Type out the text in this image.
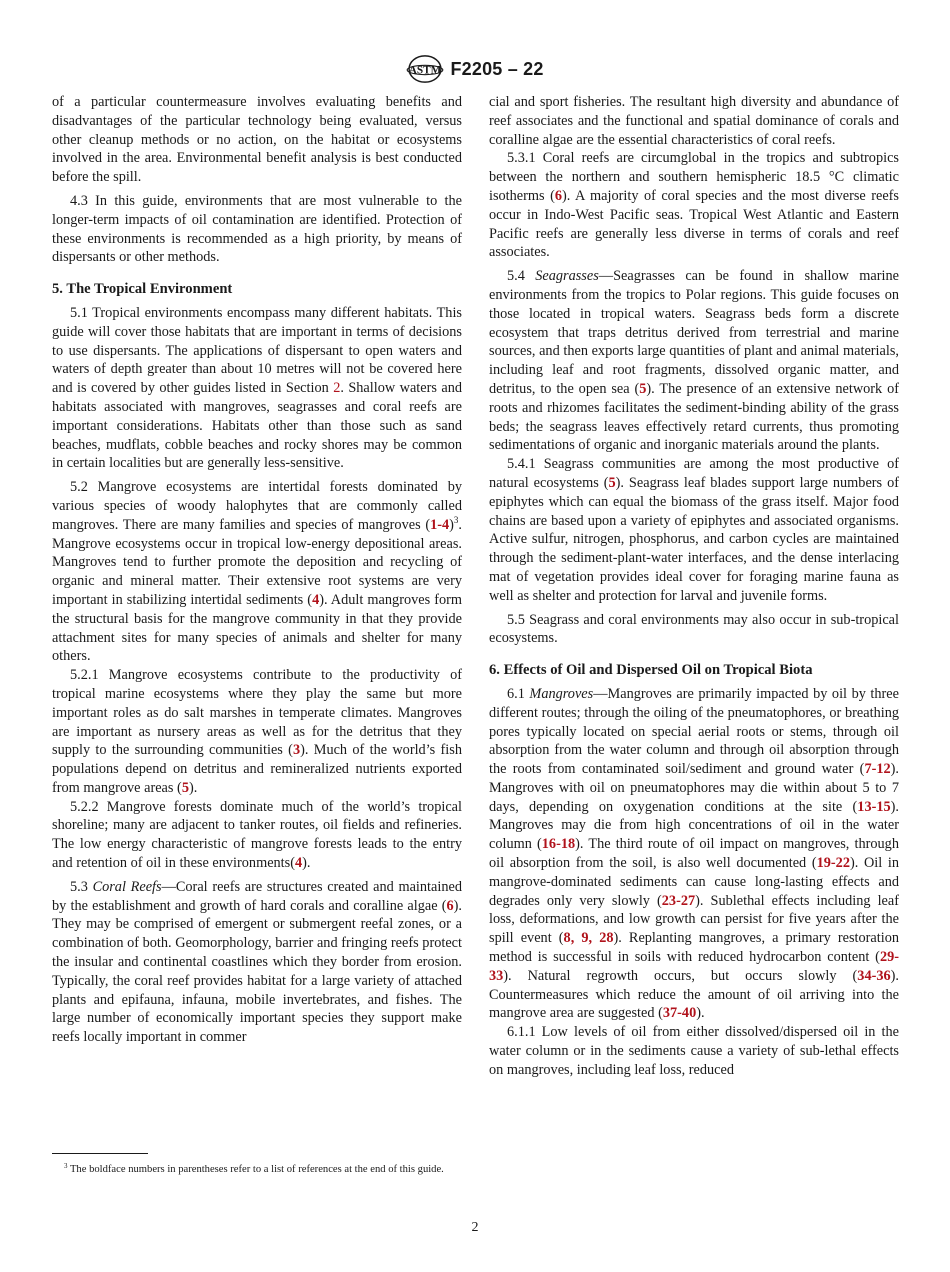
ASTM F2205 – 22

of a particular countermeasure involves evaluating benefits and disadvantages of the particular technology being evaluated, versus other cleanup methods or no action, on the habitat or ecosystems involved in the area. Environmental benefit analysis is best conducted before the spill.

4.3 In this guide, environments that are most vulnerable to the longer-term impacts of oil contamination are identified. Protection of these environments is recommended as a high priority, by means of dispersants or other methods.

5. The Tropical Environment

5.1 Tropical environments encompass many different habitats. This guide will cover those habitats that are important in terms of decisions to use dispersants. The applications of dispersant to open waters and waters of depth greater than about 10 metres will not be covered here and is covered by other guides listed in Section 2. Shallow waters and habitats associated with mangroves, seagrasses and coral reefs are important considerations. Habitats other than those such as sand beaches, mudflats, cobble beaches and rocky shores may be common in certain localities but are generally less-sensitive.

5.2 Mangrove ecosystems are intertidal forests dominated by various species of woody halophytes that are commonly called mangroves. There are many families and species of mangroves $(1-4)^3$. Mangrove ecosystems occur in tropical low-energy depositional areas. Mangroves tend to further promote the deposition and recycling of organic and mineral matter. Their extensive root systems are very important in stabilizing intertidal sediments (4). Adult mangroves form the structural basis for the mangrove community in that they provide attachment sites for many species of animals and shelter for many others.

5.2.1 Mangrove ecosystems contribute to the productivity of tropical marine ecosystems where they play the same but more important roles as do salt marshes in temperate climates. Mangroves are important as nursery areas as well as for the detritus that they supply to the surrounding communities (3). Much of the world’s fish populations depend on detritus and remineralized nutrients exported from mangrove areas (5).

5.2.2 Mangrove forests dominate much of the world’s tropical shoreline; many are adjacent to tanker routes, oil fields and refineries. The low energy characteristic of mangrove forests leads to the entry and retention of oil in these environments(4).

5.3 Coral Reefs—Coral reefs are structures created and maintained by the establishment and growth of hard corals and coralline algae (6). They may be comprised of emergent or submergent reefal zones, or a combination of both. Geomorphology, barrier and fringing reefs protect the insular and continental coastlines which they border from erosion. Typically, the coral reef provides habitat for a large variety of attached plants and epifauna, infauna, mobile invertebrates, and fishes. The large number of economically important species they support make reefs locally important in commer

$^3$ The boldface numbers in parentheses refer to a list of references at the end of this guide.

cial and sport fisheries. The resultant high diversity and abundance of reef associates and the functional and spatial dominance of corals and coralline algae are the essential characteristics of coral reefs.

5.3.1 Coral reefs are circumglobal in the tropics and subtropics between the northern and southern hemispheric 18.5 °C climatic isotherms (6). A majority of coral species and the most diverse reefs occur in Indo-West Pacific seas. Tropical West Atlantic and Eastern Pacific reefs are generally less diverse in terms of corals and reef associates.

5.4 Seagrasses—Seagrasses can be found in shallow marine environments from the tropics to Polar regions. This guide focuses on those located in tropical waters. Seagrass beds form a discrete ecosystem that traps detritus derived from terrestrial and marine sources, and then exports large quantities of plant and animal materials, including leaf and root fragments, dissolved organic matter, and detritus, to the open sea (5). The presence of an extensive network of roots and rhizomes facilitates the sediment-binding ability of the grass beds; the seagrass leaves effectively retard currents, thus promoting sedimentations of organic and inorganic materials around the plants.

5.4.1 Seagrass communities are among the most productive of natural ecosystems (5). Seagrass leaf blades support large numbers of epiphytes which can equal the biomass of the grass itself. Major food chains are based upon a variety of epiphytes and associated organisms. Active sulfur, nitrogen, phosphorus, and carbon cycles are maintained through the sediment-plant-water interfaces, and the dense interlacing mat of vegetation provides ideal cover for foraging marine fauna as well as shelter and protection for larval and juvenile forms.

5.5 Seagrass and coral environments may also occur in sub-tropical ecosystems.

6. Effects of Oil and Dispersed Oil on Tropical Biota

6.1 Mangroves—Mangroves are primarily impacted by oil by three different routes; through the oiling of the pneumatophores, or breathing pores typically located on special aerial roots or stems, through oil absorption from the water column and through oil absorption through the roots from contaminated soil/sediment and ground water (7-12). Mangroves with oil on pneumatophores may die within about 5 to 7 days, depending on oxygenation conditions at the site (13-15). Mangroves may die from high concentrations of oil in the water column (16-18). The third route of oil impact on mangroves, through oil absorption from the soil, is also well documented (19-22). Oil in mangrove-dominated sediments can cause long-lasting effects and degrades only very slowly (23-27). Sublethal effects including leaf loss, deformations, and low growth can persist for five years after the spill event (8, 9, 28). Replanting mangroves, a primary restoration method is successful in soils with reduced hydrocarbon content (29-33). Natural regrowth occurs, but occurs slowly (34-36). Countermeasures which reduce the amount of oil arriving into the mangrove area are suggested (37-40).

6.1.1 Low levels of oil from either dissolved/dispersed oil in the water column or in the sediments cause a variety of sub-lethal effects on mangroves, including leaf loss, reduced

2
